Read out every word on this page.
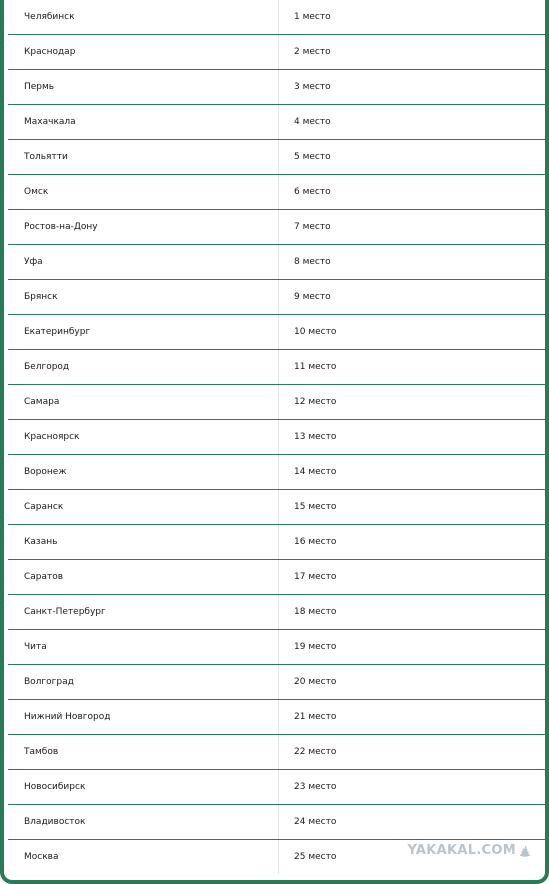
Челябинск	1 место
Краснодар	2 место
Пермь	3 место
Махачкала	4 место
Тольятти	5 место
Омск	6 место
Ростов-на-Дону	7 место
Уфа	8 место
Брянск	9 место
Екатеринбург	10 место
Белгород	11 место
Самара	12 место
Красноярск	13 место
Воронеж	14 место
Саранск	15 место
Казань	16 место
Саратов	17 место
Санкт-Петербург	18 место
Чита	19 место
Волгоград	20 место
Нижний Новгород	21 место
Тамбов	22 место
Новосибирск	23 место
Владивосток	24 место
Москва	25 место	YAKAKAL.COM
